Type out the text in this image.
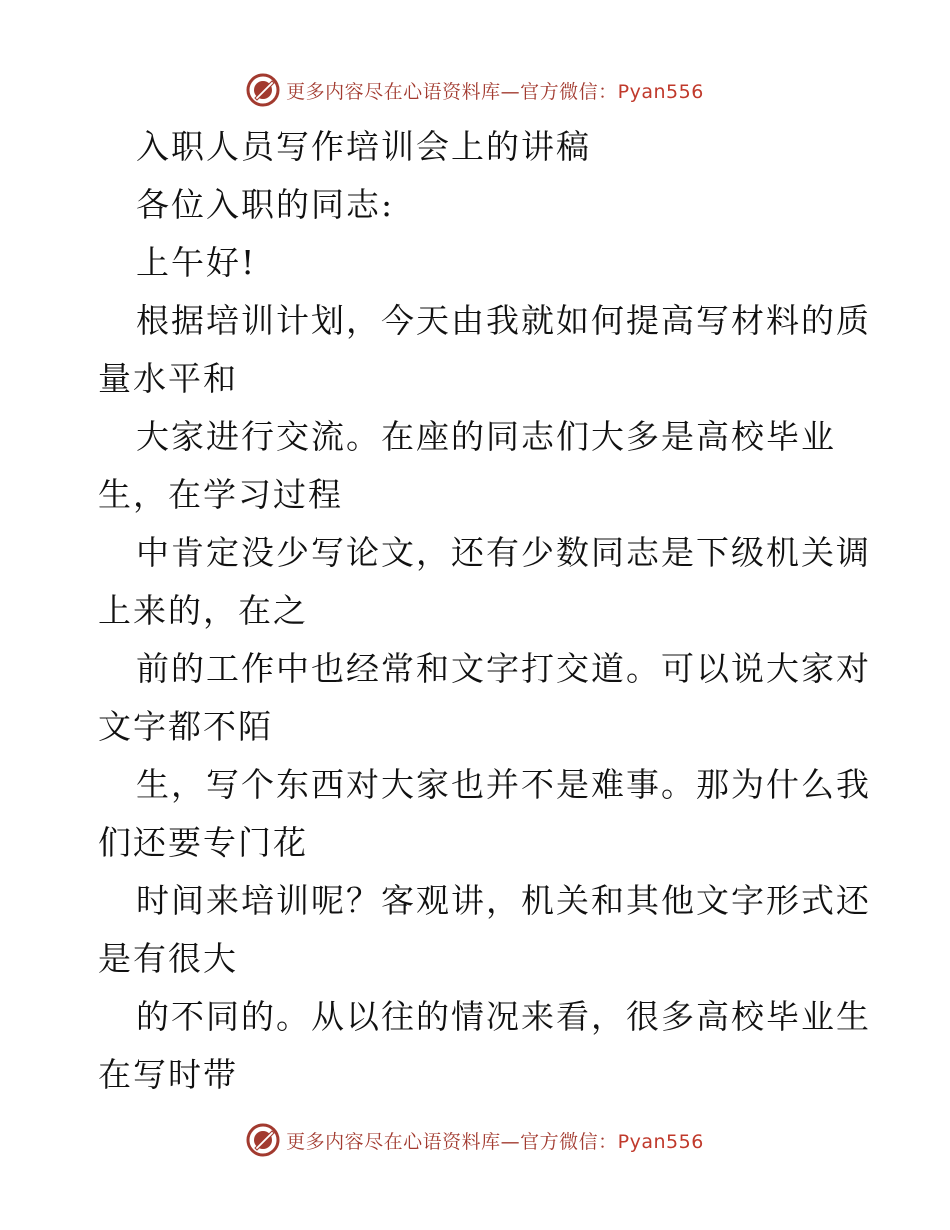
更多内容尽在心语资料库—官方微信：Pyan556
入职人员写作培训会上的讲稿
各位入职的同志:
上午好!
根据培训计划，今天由我就如何提高写材料的质
量水平和
大家进行交流。在座的同志们大多是高校毕业
生，在学习过程
中肯定没少写论文，还有少数同志是下级机关调
上来的，在之
前的工作中也经常和文字打交道。可以说大家对
文字都不陌
生，写个东西对大家也并不是难事。那为什么我
们还要专门花
时间来培训呢？客观讲，机关和其他文字形式还
是有很大
的不同的。从以往的情况来看，很多高校毕业生
在写时带
更多内容尽在心语资料库—官方微信：Pyan556
